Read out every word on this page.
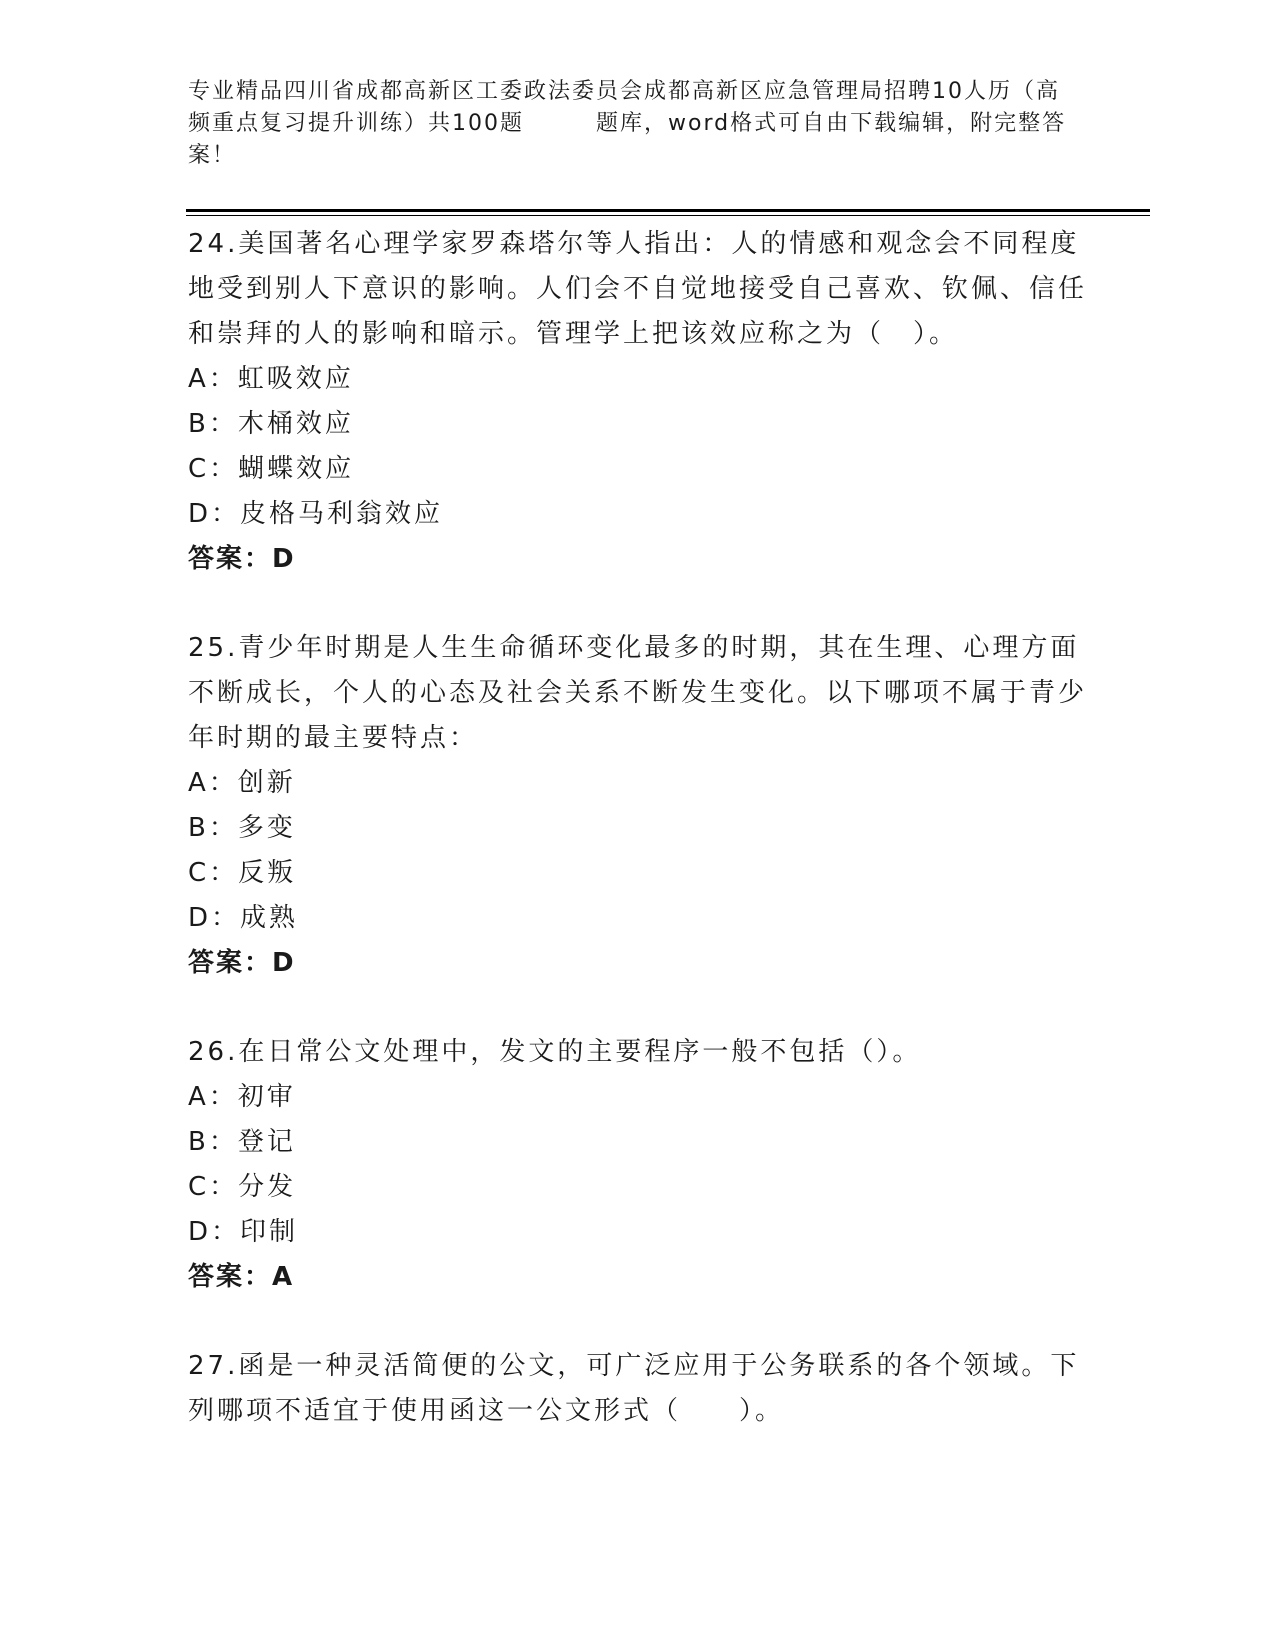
专业精品四川省成都高新区工委政法委员会成都高新区应急管理局招聘10人历（高频重点复习提升训练）共100题　　　题库，word格式可自由下载编辑，附完整答案！

24.美国著名心理学家罗森塔尔等人指出：人的情感和观念会不同程度地受到别人下意识的影响。人们会不自觉地接受自己喜欢、钦佩、信任和崇拜的人的影响和暗示。管理学上把该效应称之为（　）。

A：虹吸效应

B：木桶效应

C：蝴蝶效应

D：皮格马利翁效应

答案：D

25.青少年时期是人生生命循环变化最多的时期，其在生理、心理方面不断成长，个人的心态及社会关系不断发生变化。以下哪项不属于青少年时期的最主要特点：

A：创新

B：多变

C：反叛

D：成熟

答案：D

26.在日常公文处理中，发文的主要程序一般不包括（）。

A：初审

B：登记

C：分发

D：印制

答案：A

27.函是一种灵活简便的公文，可广泛应用于公务联系的各个领域。下列哪项不适宜于使用函这一公文形式（　　）。
